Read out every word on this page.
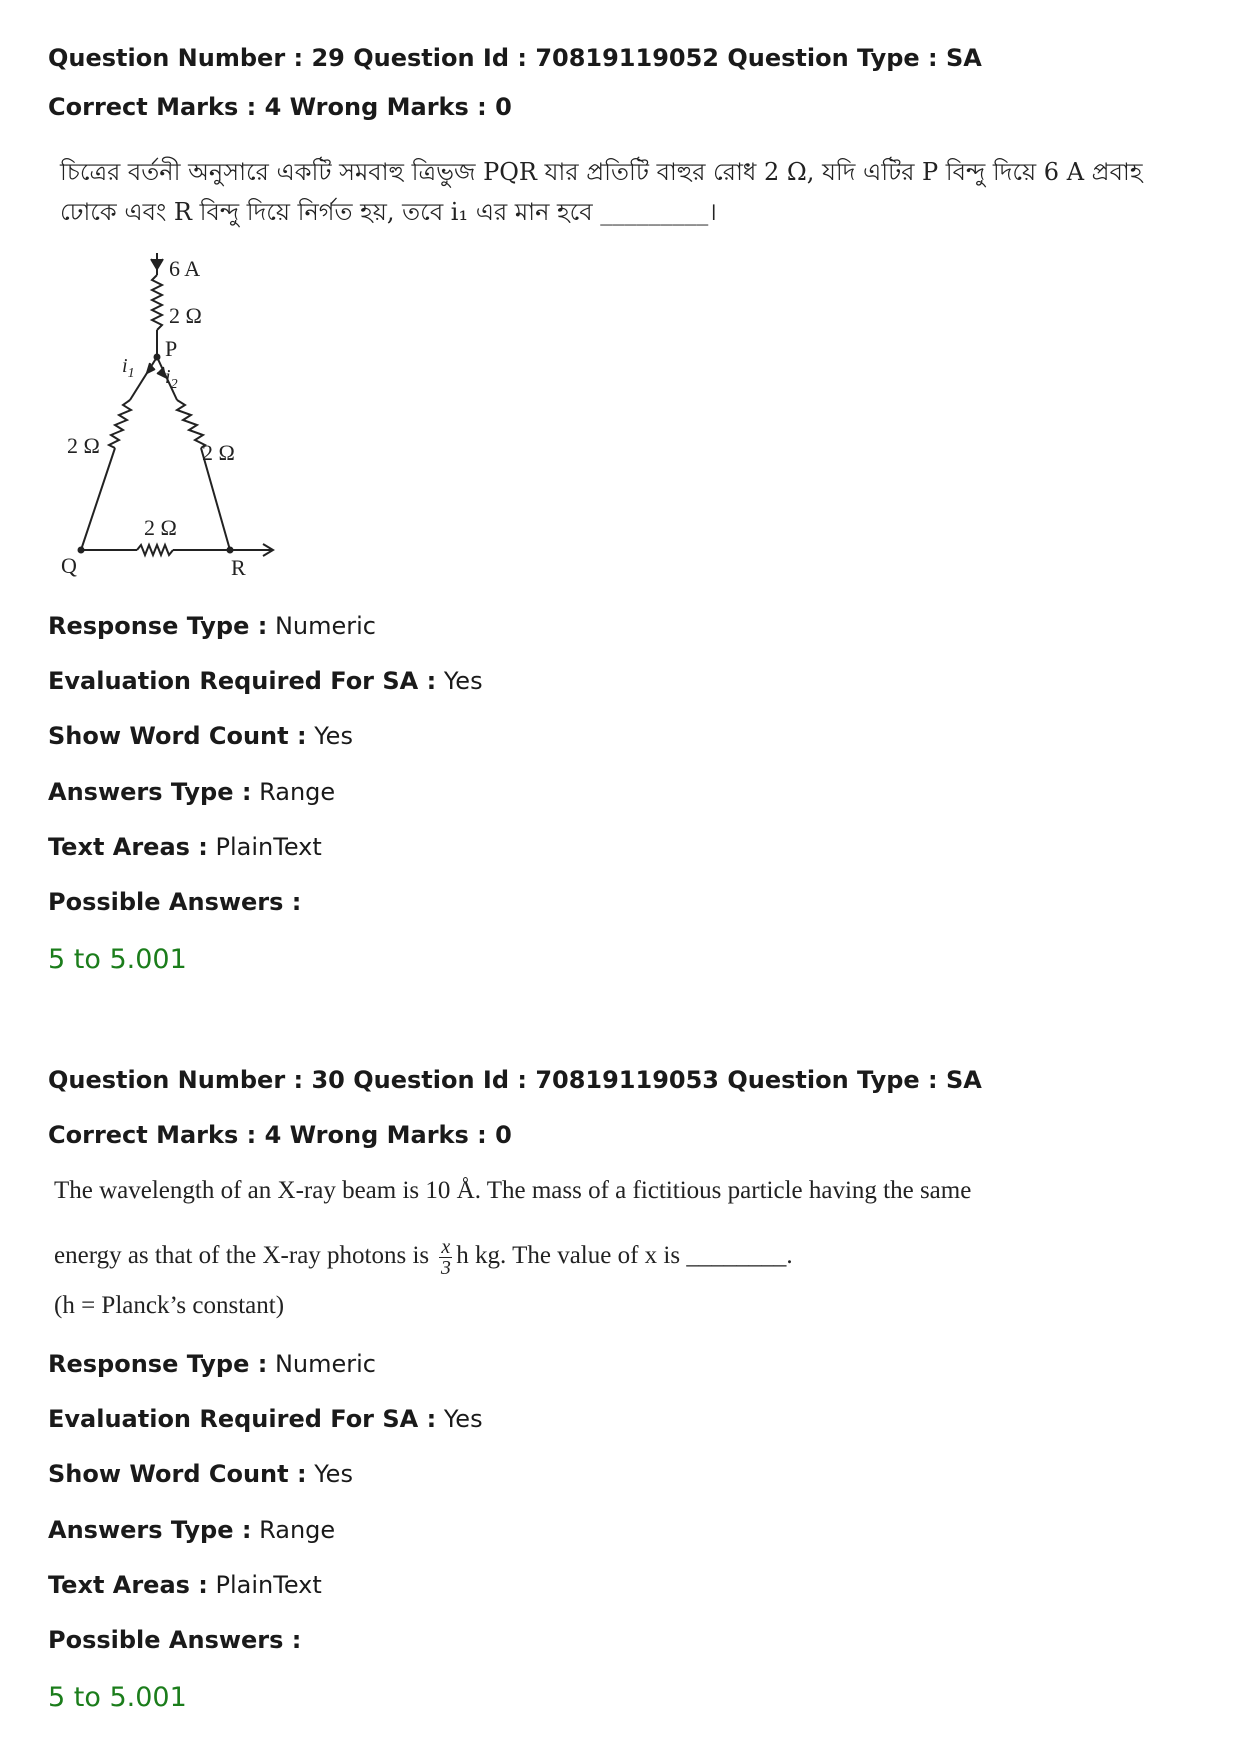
Question Number : 29 Question Id : 70819119052 Question Type : SA
Correct Marks : 4 Wrong Marks : 0
চিত্রের বর্তনী অনুসারে একটি সমবাহু ত্রিভুজ PQR যার প্রতিটি বাহুর রোধ 2 Ω, যদি এটির P বিন্দু দিয়ে 6 A প্রবাহ
ঢোকে এবং R বিন্দু দিয়ে নির্গত হয়, তবে i₁ এর মান হবে _________।
6 A
2 Ω
P
$i_1$ $i_2$
2 Ω	2 Ω
2 Ω
Q	R
Response Type : Numeric
Evaluation Required For SA : Yes
Show Word Count : Yes
Answers Type : Range
Text Areas : PlainText
Possible Answers :
5 to 5.001
Question Number : 30 Question Id : 70819119053 Question Type : SA
Correct Marks : 4 Wrong Marks : 0
The wavelength of an X-ray beam is 10 Å. The mass of a fictitious particle having the same
energy as that of the X-ray photons is $\frac{x}{3}$ h kg. The value of x is ________.
(h = Planck’s constant)
Response Type : Numeric
Evaluation Required For SA : Yes
Show Word Count : Yes
Answers Type : Range
Text Areas : PlainText
Possible Answers :
5 to 5.001
